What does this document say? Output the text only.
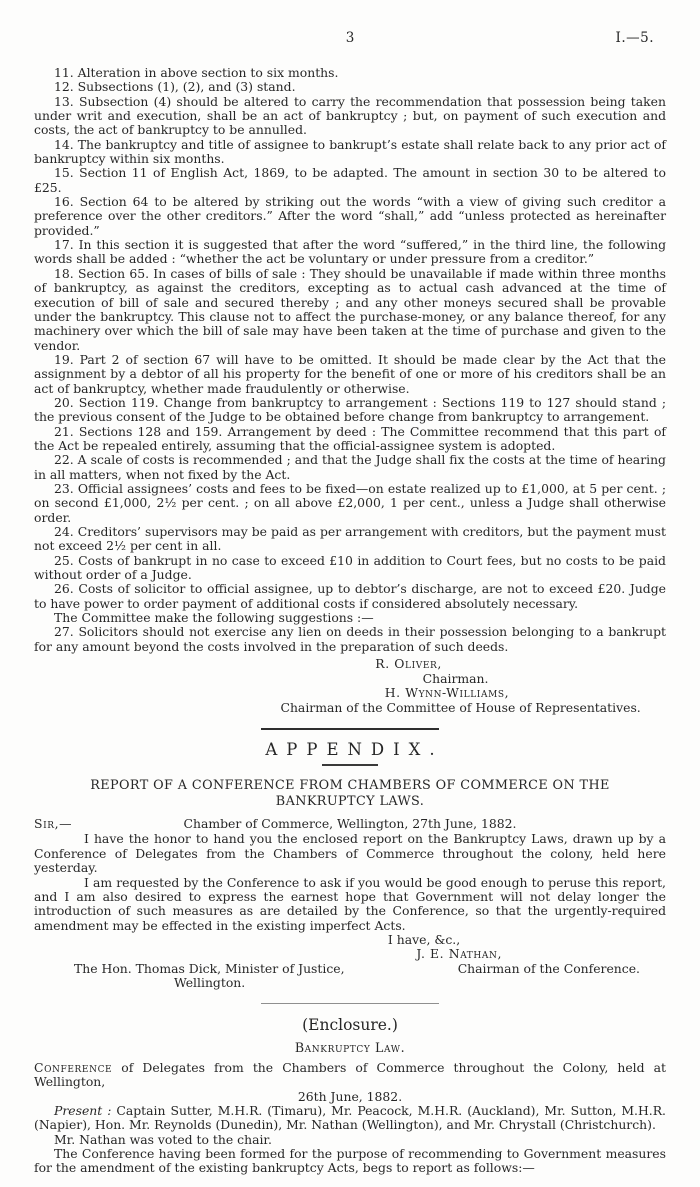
3	I.—5.

11. Alteration in above section to six months.

12. Subsections (1), (2), and (3) stand.

13. Subsection (4) should be altered to carry the recommendation that possession being taken under writ and execution, shall be an act of bankruptcy ; but, on payment of such execution and costs, the act of bankruptcy to be annulled.

14. The bankruptcy and title of assignee to bankrupt’s estate shall relate back to any prior act of bankruptcy within six months.

15. Section 11 of English Act, 1869, to be adapted. The amount in section 30 to be altered to £25.

16. Section 64 to be altered by striking out the words “with a view of giving such creditor a preference over the other creditors.” After the word “shall,” add “unless protected as hereinafter provided.”

17. In this section it is suggested that after the word “suffered,” in the third line, the following words shall be added : “whether the act be voluntary or under pressure from a creditor.”

18. Section 65. In cases of bills of sale : They should be unavailable if made within three months of bankruptcy, as against the creditors, excepting as to actual cash advanced at the time of execution of bill of sale and secured thereby ; and any other moneys secured shall be provable under the bankruptcy. This clause not to affect the purchase-money, or any balance thereof, for any machinery over which the bill of sale may have been taken at the time of purchase and given to the vendor.

19. Part 2 of section 67 will have to be omitted. It should be made clear by the Act that the assignment by a debtor of all his property for the benefit of one or more of his creditors shall be an act of bankruptcy, whether made fraudulently or otherwise.

20. Section 119. Change from bankruptcy to arrangement : Sections 119 to 127 should stand ; the previous consent of the Judge to be obtained before change from bankruptcy to arrangement.

21. Sections 128 and 159. Arrangement by deed : The Committee recommend that this part of the Act be repealed entirely, assuming that the official-assignee system is adopted.

22. A scale of costs is recommended ; and that the Judge shall fix the costs at the time of hearing in all matters, when not fixed by the Act.

23. Official assignees’ costs and fees to be fixed—on estate realized up to £1,000, at 5 per cent. ; on second £1,000, 2½ per cent. ; on all above £2,000, 1 per cent., unless a Judge shall otherwise order.

24. Creditors’ supervisors may be paid as per arrangement with creditors, but the payment must not exceed 2½ per cent in all.

25. Costs of bankrupt in no case to exceed £10 in addition to Court fees, but no costs to be paid without order of a Judge.

26. Costs of solicitor to official assignee, up to debtor’s discharge, are not to exceed £20. Judge to have power to order payment of additional costs if considered absolutely necessary.

The Committee make the following suggestions :—

27. Solicitors should not exercise any lien on deeds in their possession belonging to a bankrupt for any amount beyond the costs involved in the preparation of such deeds.

R. Oliver,
Chairman.
H. Wynn-Williams,
Chairman of the Committee of House of Representatives.
APPENDIX.
REPORT OF A CONFERENCE FROM CHAMBERS OF COMMERCE ON THE
BANKRUPTCY LAWS.
Sir,—	Chamber of Commerce, Wellington, 27th June, 1882.

I have the honor to hand you the enclosed report on the Bankruptcy Laws, drawn up by a Conference of Delegates from the Chambers of Commerce throughout the colony, held here yesterday.

I am requested by the Conference to ask if you would be good enough to peruse this report, and I am also desired to express the earnest hope that Government will not delay longer the introduction of such measures as are detailed by the Conference, so that the urgently-required amendment may be effected in the existing imperfect Acts.

I have, &c.,
J. E. Nathan,
The Hon. Thomas Dick, Minister of Justice,	Chairman of the Conference.
Wellington.
(Enclosure.)
Bankruptcy Law.

Conference of Delegates from the Chambers of Commerce throughout the Colony, held at Wellington,

26th June, 1882.

Present : Captain Sutter, M.H.R. (Timaru), Mr. Peacock, M.H.R. (Auckland), Mr. Sutton, M.H.R. (Napier), Hon. Mr. Reynolds (Dunedin), Mr. Nathan (Wellington), and Mr. Chrystall (Christchurch).

Mr. Nathan was voted to the chair.

The Conference having been formed for the purpose of recommending to Government measures for the amendment of the existing bankruptcy Acts, begs to report as follows:—
